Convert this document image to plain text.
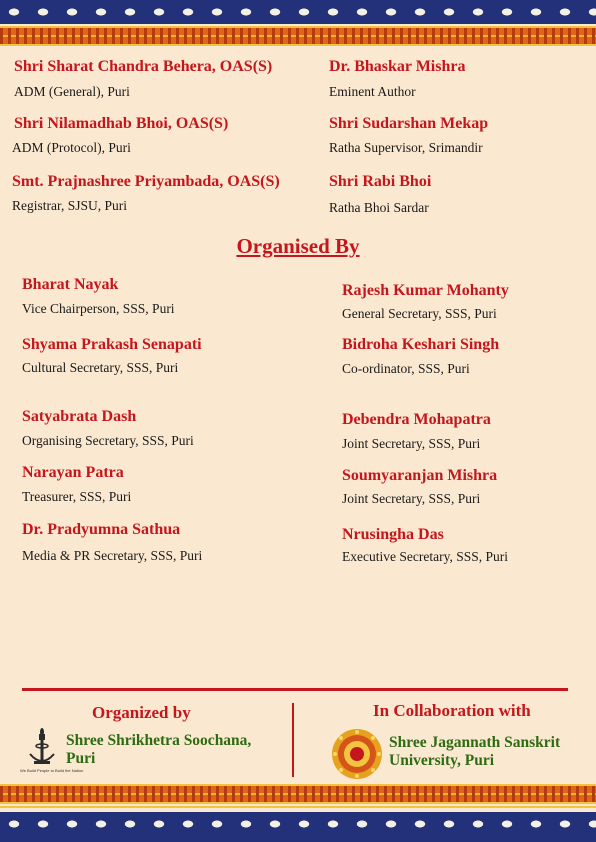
Shri Sharat Chandra Behera, OAS(S)
ADM (General), Puri
Dr. Bhaskar Mishra
Eminent Author
Shri Nilamadhab Bhoi, OAS(S)
ADM (Protocol), Puri
Shri Sudarshan Mekap
Ratha Supervisor, Srimandir
Smt. Prajnashree Priyambada, OAS(S)
Registrar, SJSU, Puri
Shri Rabi Bhoi
Ratha Bhoi Sardar
Organised By
Bharat Nayak
Vice Chairperson, SSS, Puri
Shyama Prakash Senapati
Cultural Secretary, SSS, Puri
Satyabrata Dash
Organising Secretary, SSS, Puri
Narayan Patra
Treasurer, SSS, Puri
Dr. Pradyumna Sathua
Media & PR Secretary, SSS, Puri
Rajesh Kumar Mohanty
General Secretary, SSS, Puri
Bidroha Keshari Singh
Co-ordinator, SSS, Puri
Debendra Mohapatra
Joint Secretary, SSS, Puri
Soumyaranjan Mishra
Joint Secretary, SSS, Puri
Nrusingha Das
Executive Secretary, SSS, Puri
Organized by
We Build People to Build the Nation
Shree Shrikhetra Soochana,
Puri
In Collaboration with
Shree Jagannath Sanskrit
University, Puri
